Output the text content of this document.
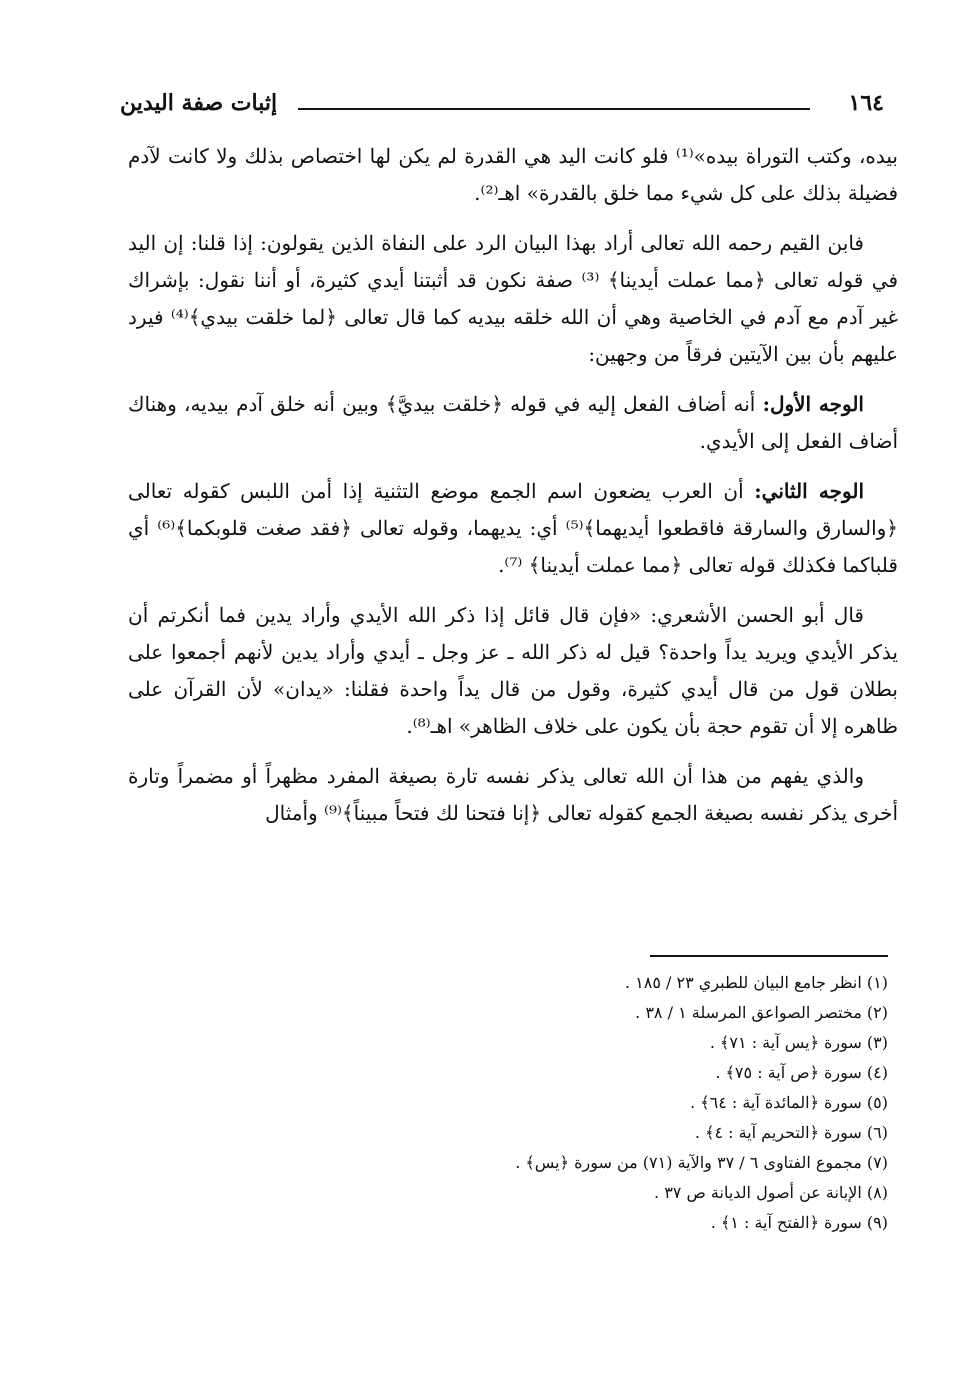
١٦٤
إثبات صفة اليدين

بيده، وكتب التوراة بيده»⁽¹⁾ فلو كانت اليد هي القدرة لم يكن لها اختصاص بذلك ولا كانت لآدم فضيلة بذلك على كل شيء مما خلق بالقدرة» اهـ⁽²⁾.

فابن القيم رحمه الله تعالى أراد بهذا البيان الرد على النفاة الذين يقولون: إذا قلنا: إن اليد في قوله تعالى ﴿مما عملت أيدينا﴾ ⁽³⁾ صفة نكون قد أثبتنا أيدي كثيرة، أو أننا نقول: بإشراك غير آدم مع آدم في الخاصية وهي أن الله خلقه بيديه كما قال تعالى ﴿لما خلقت بيدي﴾⁽⁴⁾ فيرد عليهم بأن بين الآيتين فرقاً من وجهين:

الوجه الأول: أنه أضاف الفعل إليه في قوله ﴿خلقت بيديَّ﴾ وبين أنه خلق آدم بيديه، وهناك أضاف الفعل إلى الأيدي.

الوجه الثاني: أن العرب يضعون اسم الجمع موضع التثنية إذا أمن اللبس كقوله تعالى ﴿والسارق والسارقة فاقطعوا أيديهما﴾⁽⁵⁾ أي: يديهما، وقوله تعالى ﴿فقد صغت قلوبكما﴾⁽⁶⁾ أي قلباكما فكذلك قوله تعالى ﴿مما عملت أيدينا﴾ ⁽⁷⁾.

قال أبو الحسن الأشعري: «فإن قال قائل إذا ذكر الله الأيدي وأراد يدين فما أنكرتم أن يذكر الأيدي ويريد يداً واحدة؟ قيل له ذكر الله ـ عز وجل ـ أيدي وأراد يدين لأنهم أجمعوا على بطلان قول من قال أيدي كثيرة، وقول من قال يداً واحدة فقلنا: «يدان» لأن القرآن على ظاهره إلا أن تقوم حجة بأن يكون على خلاف الظاهر» اهـ⁽⁸⁾.

والذي يفهم من هذا أن الله تعالى يذكر نفسه تارة بصيغة المفرد مظهراً أو مضمراً وتارة أخرى يذكر نفسه بصيغة الجمع كقوله تعالى ﴿إنا فتحنا لك فتحاً مبيناً﴾⁽⁹⁾ وأمثال

(١) انظر جامع البيان للطبري ٢٣ / ١٨٥ .
(٢) مختصر الصواعق المرسلة ١ / ٣٨ .
(٣) سورة ﴿يس آية : ٧١﴾ .
(٤) سورة ﴿ص آية : ٧٥﴾ .
(٥) سورة ﴿المائدة آية : ٦٤﴾ .
(٦) سورة ﴿التحريم آية : ٤﴾ .
(٧) مجموع الفتاوى ٦ / ٣٧ والآية (٧١) من سورة ﴿يس﴾ .
(٨) الإبانة عن أصول الديانة ص ٣٧ .
(٩) سورة ﴿الفتح آية : ١﴾ .
